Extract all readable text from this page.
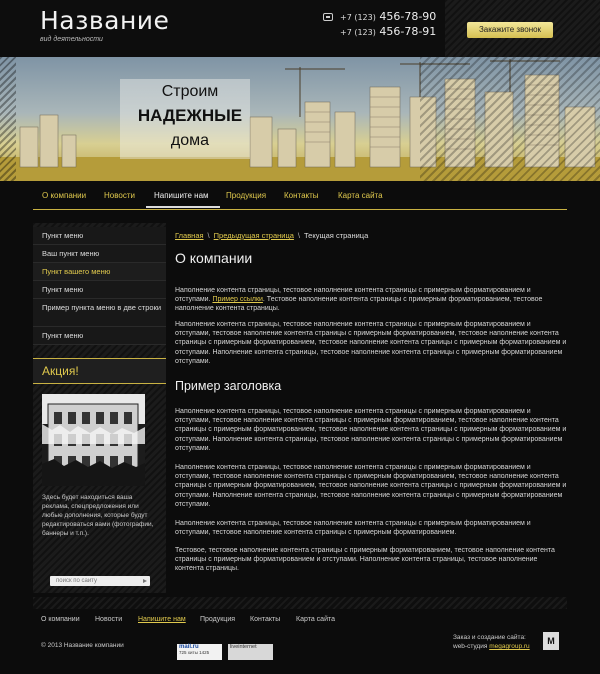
Название
вид деятельности
+7 (123) 456-78-90
+7 (123) 456-78-91	Закажите звонок
Строим
НАДЕЖНЫЕ
дома
О компании Новости Напишите нам Продукция Контакты Карта сайта
Пункт меню
Ваш пункт меню
Пункт вашего меню
Пункт меню
Пример пункта меню в две строки
Пункт меню
Акция!
Здесь будет находиться ваша реклама, спецпредложения или любые дополнения, которые будут редактироваться вами (фотографии, баннеры и т.п.).
поиск по сайту
Главная \ Предыдущая страница \ Текущая страница
О компании

Наполнение контента страницы, тестовое наполнение контента страницы с примерным форматированием и отступами. Пример ссылки. Тестовое наполнение контента страницы с примерным форматированием, тестовое наполнение контента страницы.

Наполнение контента страницы, тестовое наполнение контента страницы с примерным форматированием и отступами, тестовое наполнение контента страницы с примерным форматированием, тестовое наполнение контента страницы с примерным форматированием, тестовое наполнение контента страницы с примерным форматированием и отступами. Наполнение контента страницы, тестовое наполнение контента страницы с примерным форматированием отступами.

Пример заголовка

Наполнение контента страницы, тестовое наполнение контента страницы с примерным форматированием и отступами, тестовое наполнение контента страницы с примерным форматированием, тестовое наполнение контента страницы с примерным форматированием, тестовое наполнение контента страницы с примерным форматированием и отступами. Наполнение контента страницы, тестовое наполнение контента страницы с примерным форматированием отступами.

Наполнение контента страницы, тестовое наполнение контента страницы с примерным форматированием и отступами, тестовое наполнение контента страницы с примерным форматированием, тестовое наполнение контента страницы с примерным форматированием, тестовое наполнение контента страницы с примерным форматированием и отступами. Наполнение контента страницы, тестовое наполнение контента страницы с примерным форматированием отступами.

Наполнение контента страницы, тестовое наполнение контента страницы с примерным форматированием и отступами, тестовое наполнение контента страницы с примерным форматированием.

Тестовое, тестовое наполнение контента страницы с примерным форматированием, тестовое наполнение контента страницы с примерным форматированием и отступами. Наполнение контента страницы, тестовое наполнение контента страницы.

О компании Новости Напишите нам Продукция Контакты Карта сайта
© 2013 Название компании	mail.ru
725 хиты 1425
liveinternet
Заказ и создание сайта:
web-студия megagroup.ru
M
